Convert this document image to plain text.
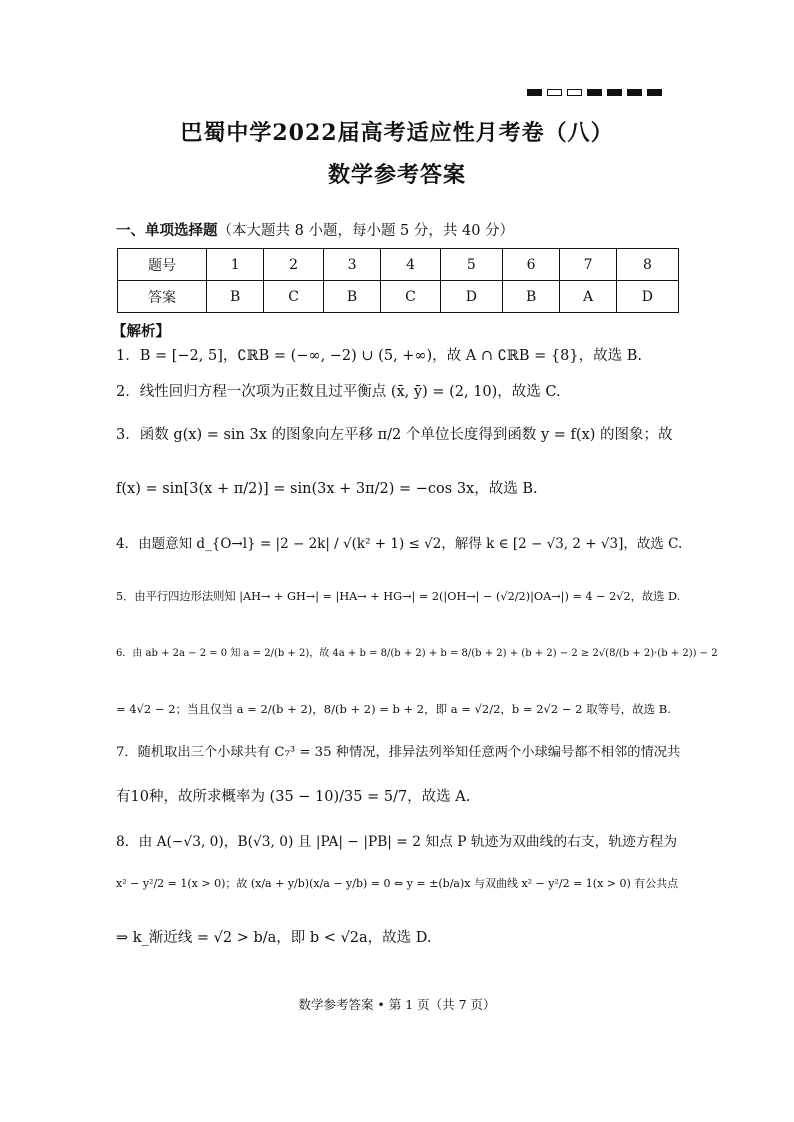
巴蜀中学2022届高考适应性月考卷（八）
数学参考答案
一、单项选择题（本大题共 8 小题，每小题 5 分，共 40 分）
题号	1	2	3	4	5	6	7	8
答案	B	C	B	C	D	B	A	D
【解析】
1．B = [−2, 5]，∁ℝB = (−∞, −2) ∪ (5, +∞)，故 A ∩ ∁ℝB = {8}，故选 B.
2．线性回归方程一次项为正数且过平衡点 (x̄, ȳ) = (2, 10)，故选 C.
3．函数 g(x) = sin 3x 的图象向左平移 π/2 个单位长度得到函数 y = f(x) 的图象；故
f(x) = sin[3(x + π/2)] = sin(3x + 3π/2) = −cos 3x，故选 B.
4．由题意知 d_{O→l} = |2 − 2k| / √(k² + 1) ≤ √2，解得 k ∈ [2 − √3, 2 + √3]，故选 C.
5．由平行四边形法则知 |AH→ + GH→| = |HA→ + HG→| = 2(|OH→| − (√2/2)|OA→|) = 4 − 2√2，故选 D.
6．由 ab + 2a − 2 = 0 知 a = 2/(b + 2)，故 4a + b = 8/(b + 2) + b = 8/(b + 2) + (b + 2) − 2 ≥ 2√(8/(b + 2)·(b + 2)) − 2
= 4√2 − 2；当且仅当 a = 2/(b + 2)，8/(b + 2) = b + 2，即 a = √2/2，b = 2√2 − 2 取等号，故选 B.
7．随机取出三个小球共有 C₇³ = 35 种情况，排异法列举知任意两个小球编号都不相邻的情况共
有10种，故所求概率为 (35 − 10)/35 = 5/7，故选 A.
8．由 A(−√3, 0)，B(√3, 0) 且 |PA| − |PB| = 2 知点 P 轨迹为双曲线的右支，轨迹方程为
x² − y²/2 = 1(x > 0)；故 (x/a + y/b)(x/a − y/b) = 0 ⇔ y = ±(b/a)x 与双曲线 x² − y²/2 = 1(x > 0) 有公共点
⇒ k_渐近线 = √2 > b/a，即 b < √2a，故选 D.
数学参考答案 • 第 1 页（共 7 页）
